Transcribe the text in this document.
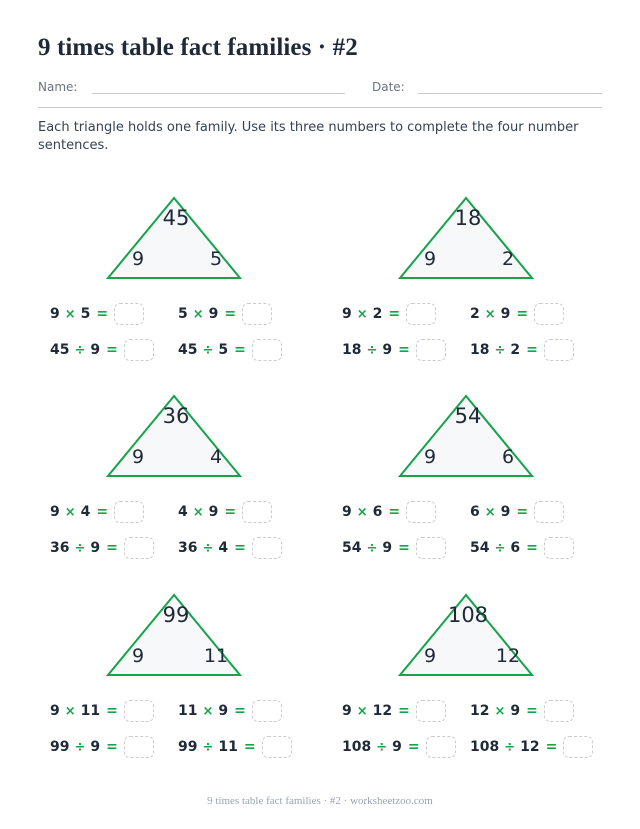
9 times table fact families · #2
Name:	Date:

Each triangle holds one family. Use its three numbers to complete the four number sentences.

45
9	5
9 × 5 =	5 × 9 =
45 ÷ 9 =	45 ÷ 5 =
18
9	2
9 × 2 =	2 × 9 =
18 ÷ 9 =	18 ÷ 2 =
36
9	4
9 × 4 =	4 × 9 =
36 ÷ 9 =	36 ÷ 4 =
54
9	6
9 × 6 =	6 × 9 =
54 ÷ 9 =	54 ÷ 6 =
99
9	11
9 × 11 =	11 × 9 =
99 ÷ 9 =	99 ÷ 11 =
108
9	12
9 × 12 =	12 × 9 =
108 ÷ 9 =	108 ÷ 12 =
9 times table fact families · #2 · worksheetzoo.com
